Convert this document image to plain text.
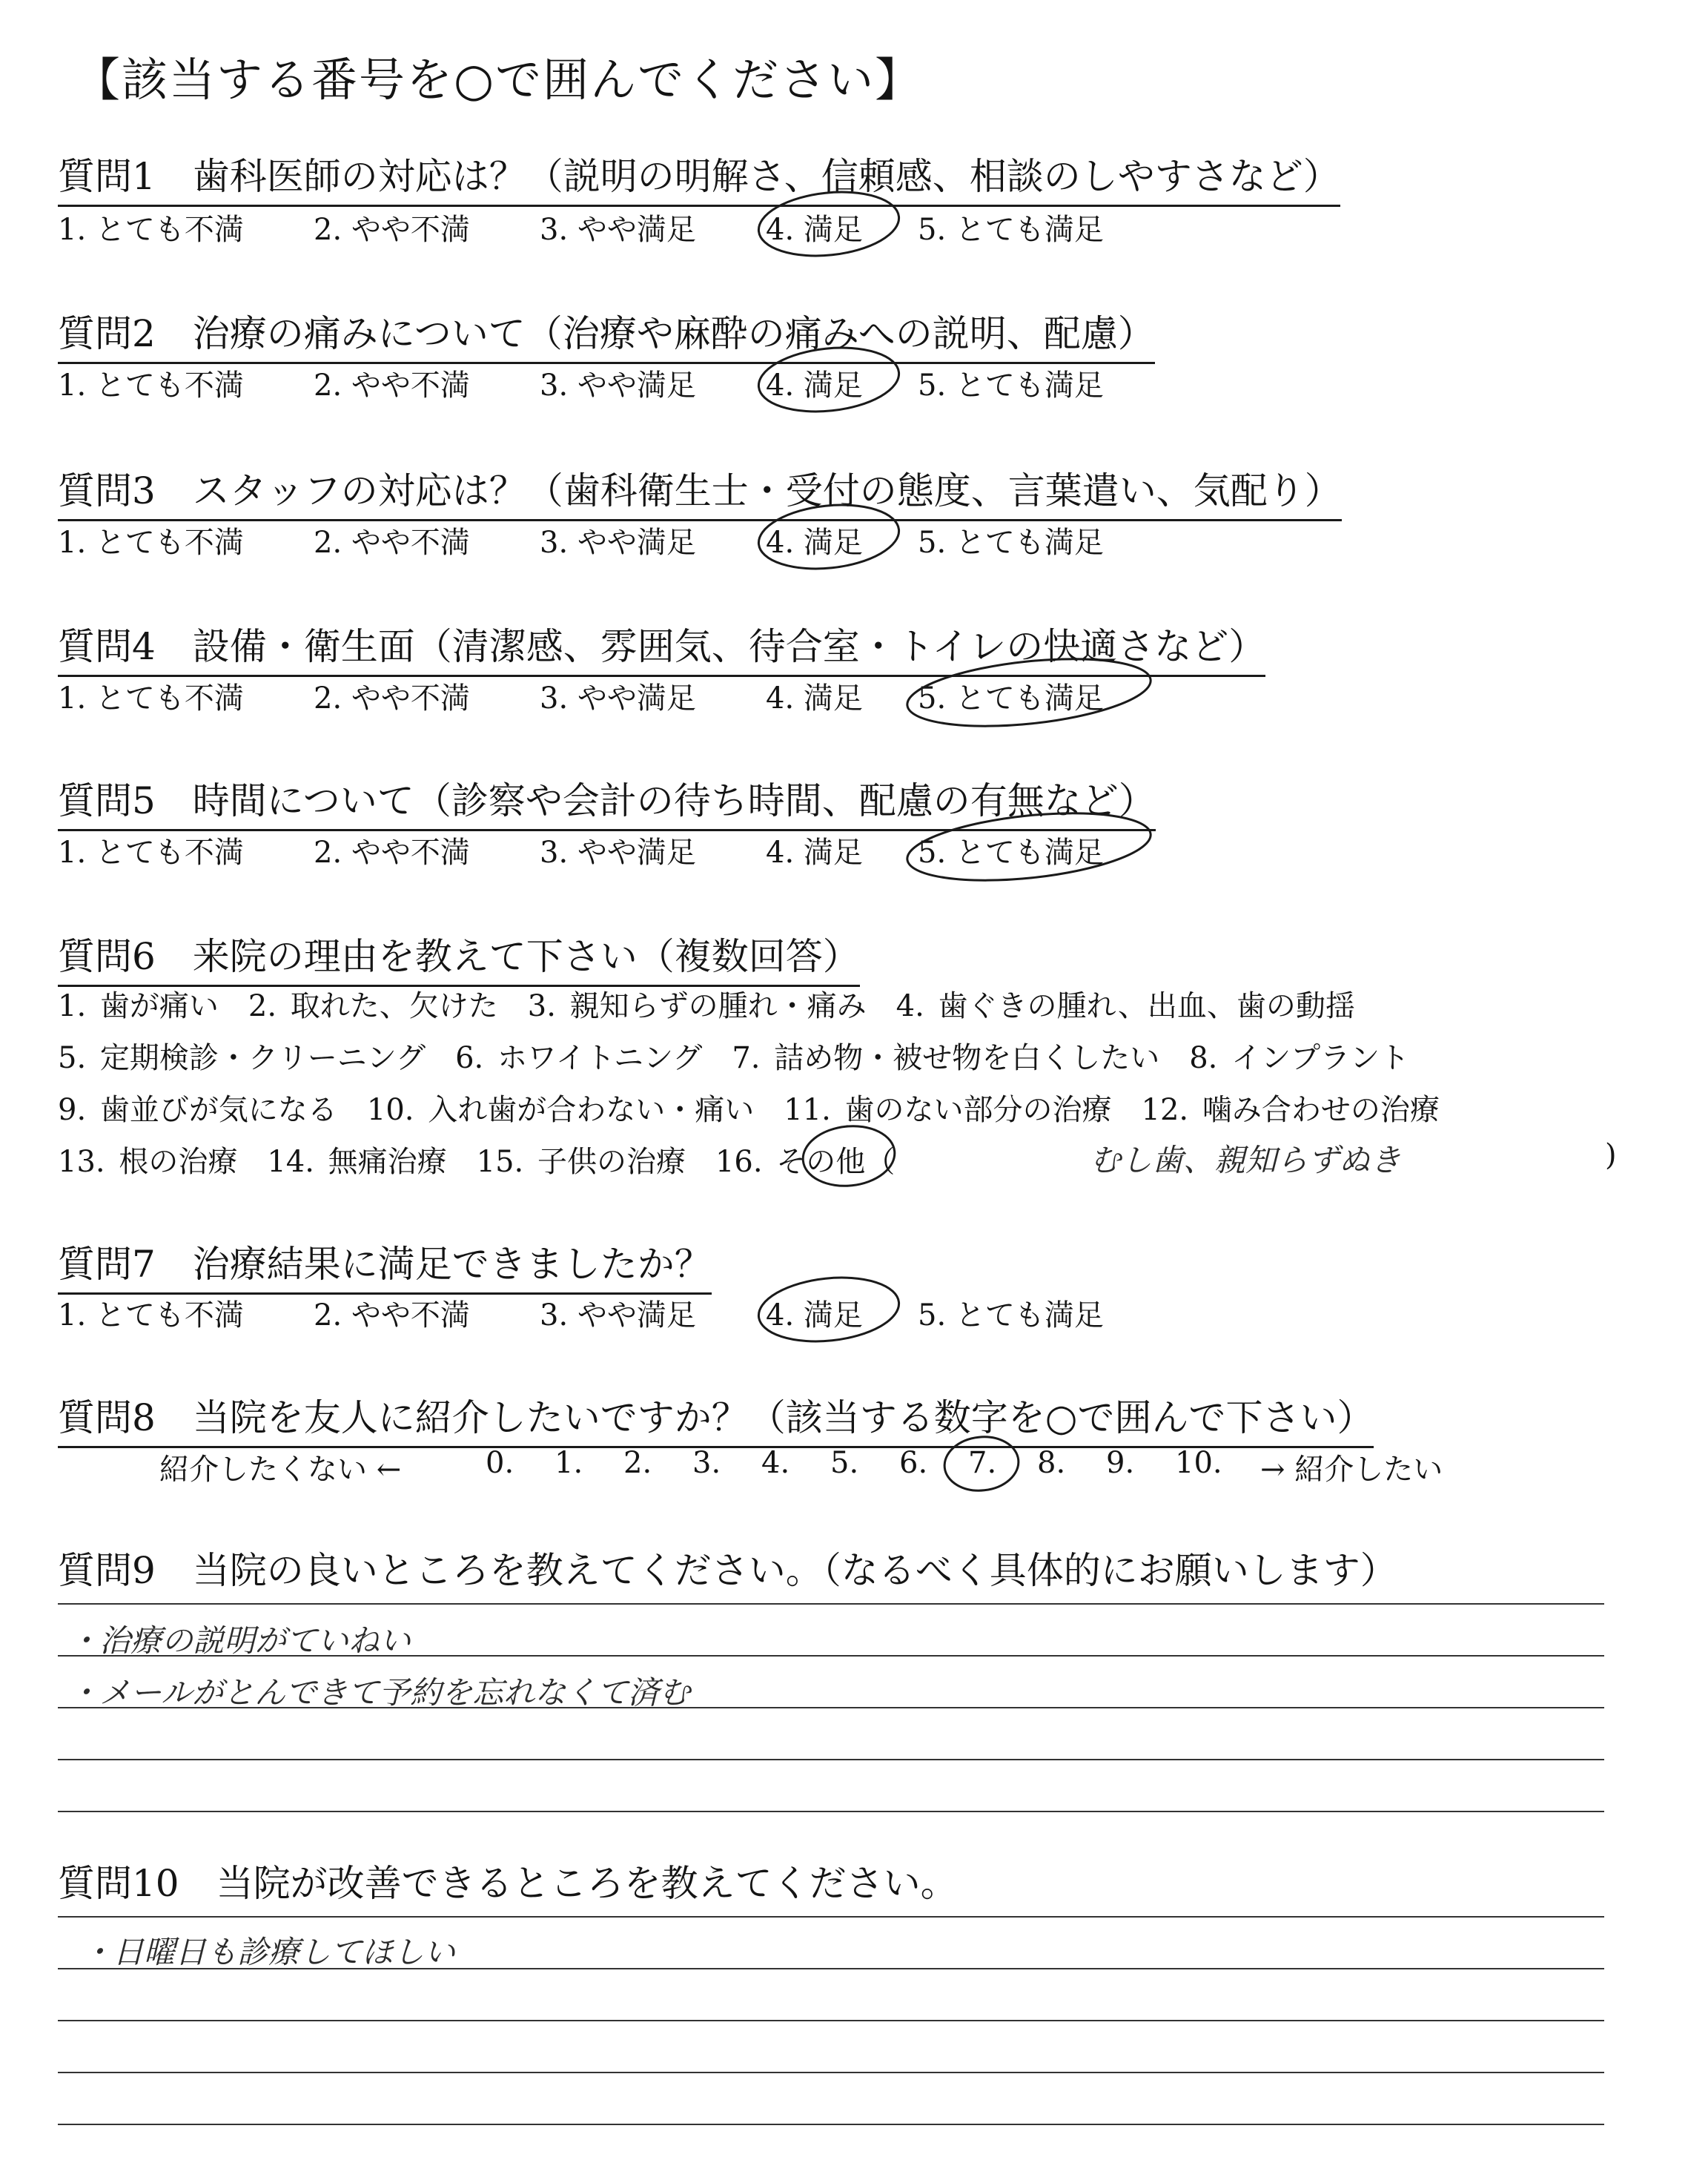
【該当する番号を○で囲んでください】
質問1　歯科医師の対応は？（説明の明解さ、信頼感、相談のしやすさなど）
1. とても不満 2. やや不満 3. やや満足 4. 満足 5. とても満足
質問2　治療の痛みについて（治療や麻酔の痛みへの説明、配慮）
1. とても不満 2. やや不満 3. やや満足 4. 満足 5. とても満足
質問3　スタッフの対応は？（歯科衛生士・受付の態度、言葉遣い、気配り）
1. とても不満 2. やや不満 3. やや満足 4. 満足 5. とても満足
質問4　設備・衛生面（清潔感、雰囲気、待合室・トイレの快適さなど）
1. とても不満 2. やや不満 3. やや満足 4. 満足 5. とても満足
質問5　時間について（診察や会計の待ち時間、配慮の有無など）
1. とても不満 2. やや不満 3. やや満足 4. 満足 5. とても満足
質問6　来院の理由を教えて下さい（複数回答）
1. 歯が痛い　2. 取れた、欠けた　3. 親知らずの腫れ・痛み　4. 歯ぐきの腫れ、出血、歯の動揺
5. 定期検診・クリーニング　6. ホワイトニング　7. 詰め物・被せ物を白くしたい　8. インプラント
9. 歯並びが気になる　10. 入れ歯が合わない・痛い　11. 歯のない部分の治療　12. 噛み合わせの治療
13. 根の治療　14. 無痛治療　15. 子供の治療　16. その他（	)
むし歯、親知らずぬき
質問7　治療結果に満足できましたか？
1. とても不満 2. やや不満 3. やや満足 4. 満足 5. とても満足
質問8　当院を友人に紹介したいですか？（該当する数字を○で囲んで下さい）
紹介したくない ←	0. 1. 2. 3. 4. 5. 6. 7. 8. 9. 10. → 紹介したい
質問9　当院の良いところを教えてください。（なるべく具体的にお願いします）
・治療の説明がていねい
・メールがとんできて予約を忘れなくて済む
質問10　当院が改善できるところを教えてください。
・日曜日も診療してほしい
